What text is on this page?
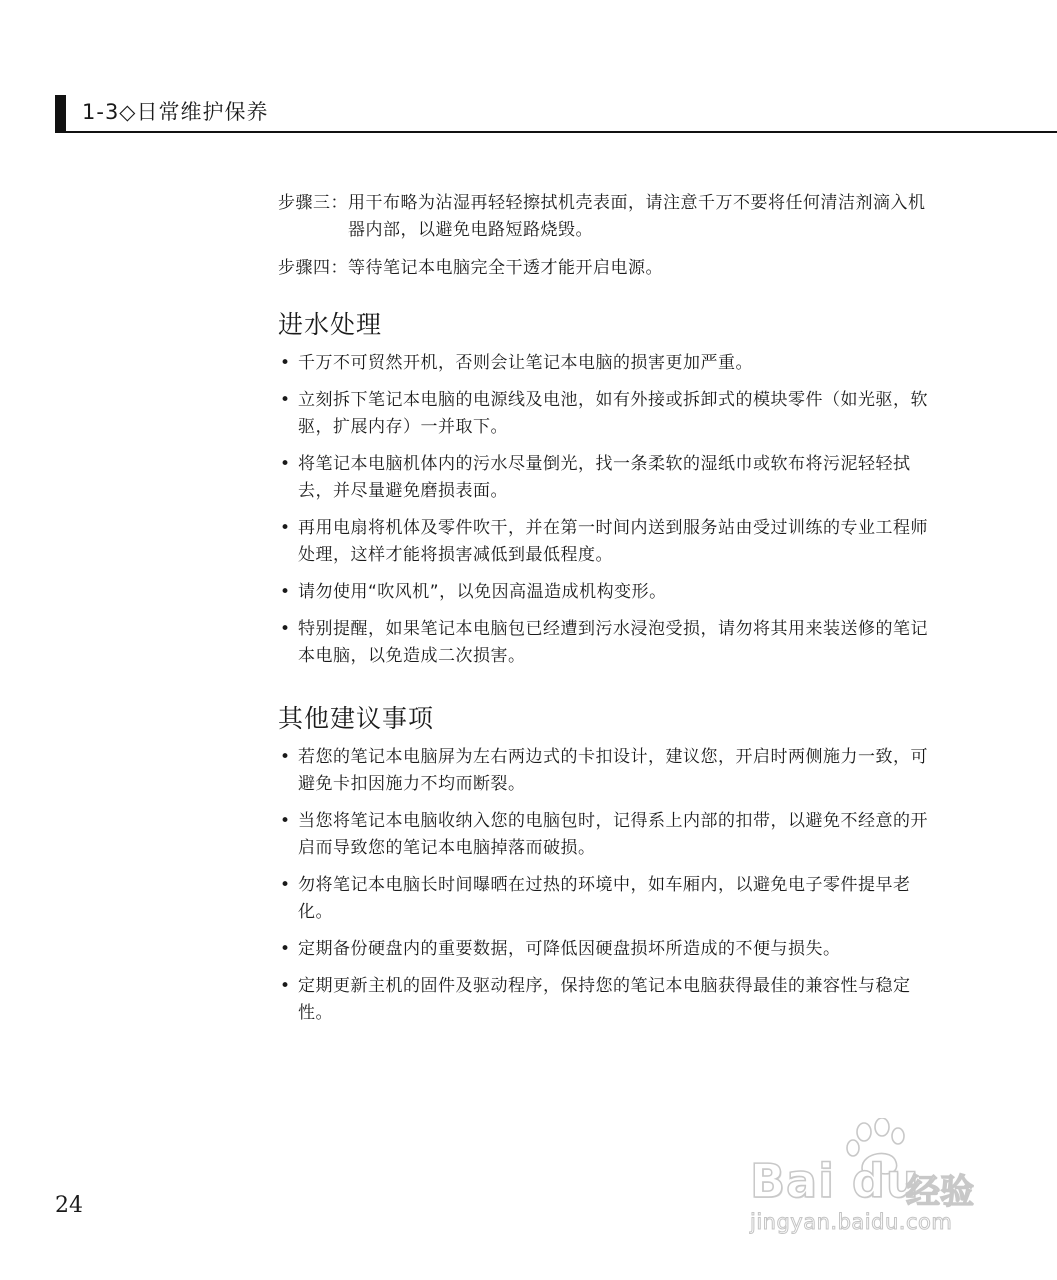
1-3◇日常维护保养
步骤三： 用干布略为沾湿再轻轻擦拭机壳表面，请注意千万不要将任何清洁剂滴入机器内部，以避免电路短路烧毁。
步骤四： 等待笔记本电脑完全干透才能开启电源。
进水处理
• 千万不可贸然开机，否则会让笔记本电脑的损害更加严重。
• 立刻拆下笔记本电脑的电源线及电池，如有外接或拆卸式的模块零件（如光驱，软驱，扩展内存）一并取下。
• 将笔记本电脑机体内的污水尽量倒光，找一条柔软的湿纸巾或软布将污泥轻轻拭去，并尽量避免磨损表面。
• 再用电扇将机体及零件吹干，并在第一时间内送到服务站由受过训练的专业工程师处理，这样才能将损害减低到最低程度。
• 请勿使用“吹风机”，以免因高温造成机构变形。
• 特别提醒，如果笔记本电脑包已经遭到污水浸泡受损，请勿将其用来装送修的笔记本电脑，以免造成二次损害。
其他建议事项
• 若您的笔记本电脑屏为左右两边式的卡扣设计，建议您，开启时两侧施力一致，可避免卡扣因施力不均而断裂。
• 当您将笔记本电脑收纳入您的电脑包时，记得系上内部的扣带，以避免不经意的开启而导致您的笔记本电脑掉落而破损。
• 勿将笔记本电脑长时间曝晒在过热的环境中，如车厢内，以避免电子零件提早老化。
• 定期备份硬盘内的重要数据，可降低因硬盘损坏所造成的不便与损失。
• 定期更新主机的固件及驱动程序，保持您的笔记本电脑获得最佳的兼容性与稳定性。
24	Bai du
经验
jingyan.baidu.com
